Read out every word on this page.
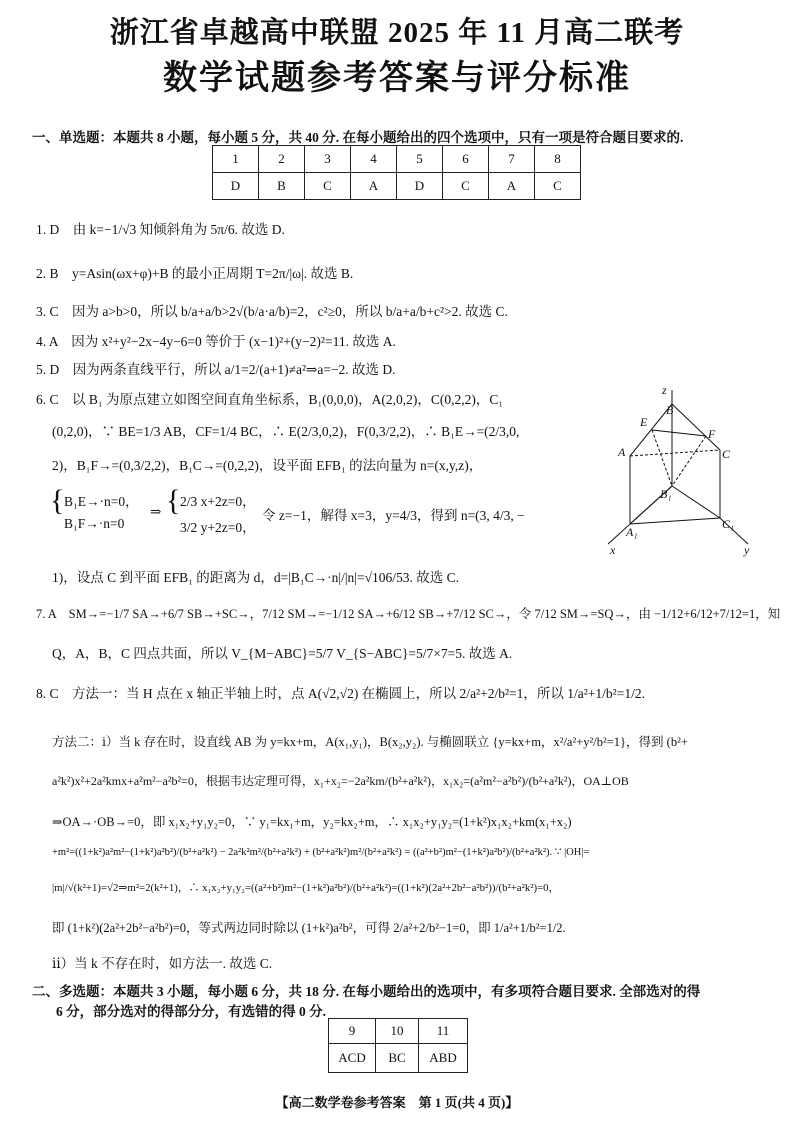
浙江省卓越高中联盟 2025 年 11 月高二联考
数学试题参考答案与评分标准
一、单选题：本题共 8 小题，每小题 5 分，共 40 分. 在每小题给出的四个选项中，只有一项是符合题目要求的.
1	2	3	4	5	6	7	8
D	B	C	A	D	C	A	C
1. D　由 k=−1/√3 知倾斜角为 5π/6. 故选 D.
2. B　y=Asin(ωx+φ)+B 的最小正周期 T=2π/|ω|. 故选 B.
3. C　因为 a>b>0，所以 b/a+a/b>2√(b/a·a/b)=2，c²≥0，所以 b/a+a/b+c²>2. 故选 C.
4. A　因为 x²+y²−2x−4y−6=0 等价于 (x−1)²+(y−2)²=11. 故选 A.
5. D　因为两条直线平行，所以 a/1=2/(a+1)≠a²⇒a=−2. 故选 D.
6. C　以 B₁ 为原点建立如图空间直角坐标系，B₁(0,0,0)，A(2,0,2)，C(0,2,2)，C₁
(0,2,0)，∵ BE=1/3 AB，CF=1/4 BC，∴ E(2/3,0,2)，F(0,3/2,2)，∴ B₁E→=(2/3,0,
2)，B₁F→=(0,3/2,2)，B₁C→=(0,2,2)，设平面 EFB₁ 的法向量为 n=(x,y,z)，
{ B₁E→·n=0，
B₁F→·n=0
⇒ { 2/3 x+2z=0，
3/2 y+2z=0，
令 z=−1，解得 x=3，y=4/3，得到 n=(3, 4/3, −
1)，设点 C 到平面 EFB₁ 的距离为 d，d=|B₁C→·n|/|n|=√106/53. 故选 C.
z
B
E
F
A	C
B₁
A₁
C₁
x	y
7. A　SM→=−1/7 SA→+6/7 SB→+SC→，7/12 SM→=−1/12 SA→+6/12 SB→+7/12 SC→，令 7/12 SM→=SQ→，由 −1/12+6/12+7/12=1，知
Q，A，B，C 四点共面，所以 V_{M−ABC}=5/7 V_{S−ABC}=5/7×7=5. 故选 A.
8. C　方法一：当 H 点在 x 轴正半轴上时，点 A(√2,√2) 在椭圆上，所以 2/a²+2/b²=1，所以 1/a²+1/b²=1/2.
方法二：ⅰ）当 k 存在时，设直线 AB 为 y=kx+m，A(x₁,y₁)，B(x₂,y₂). 与椭圆联立 {y=kx+m，x²/a²+y²/b²=1}，得到 (b²+
a²k²)x²+2a²kmx+a²m²−a²b²=0，根据韦达定理可得，x₁+x₂=−2a²km/(b²+a²k²)，x₁x₂=(a²m²−a²b²)/(b²+a²k²)，OA⊥OB
⇒OA→·OB→=0，即 x₁x₂+y₁y₂=0，∵ y₁=kx₁+m，y₂=kx₂+m，∴ x₁x₂+y₁y₂=(1+k²)x₁x₂+km(x₁+x₂)
+m²=((1+k²)a²m²−(1+k²)a²b²)/(b²+a²k²) − 2a²k²m²/(b²+a²k²) + (b²+a²k²)m²/(b²+a²k²) = ((a²+b²)m²−(1+k²)a²b²)/(b²+a²k²). ∵ |OH|=
|m|/√(k²+1)=√2⇒m²=2(k²+1)，∴ x₁x₂+y₁y₂=((a²+b²)m²−(1+k²)a²b²)/(b²+a²k²)=((1+k²)(2a²+2b²−a²b²))/(b²+a²k²)=0，
即 (1+k²)(2a²+2b²−a²b²)=0，等式两边同时除以 (1+k²)a²b²，可得 2/a²+2/b²−1=0，即 1/a²+1/b²=1/2.
ⅱ）当 k 不存在时，如方法一. 故选 C.
二、多选题：本题共 3 小题，每小题 6 分，共 18 分. 在每小题给出的选项中，有多项符合题目要求. 全部选对的得
6 分，部分选对的得部分分，有选错的得 0 分.
9	10	11
ACD	BC	ABD
【高二数学卷参考答案　第 1 页(共 4 页)】
